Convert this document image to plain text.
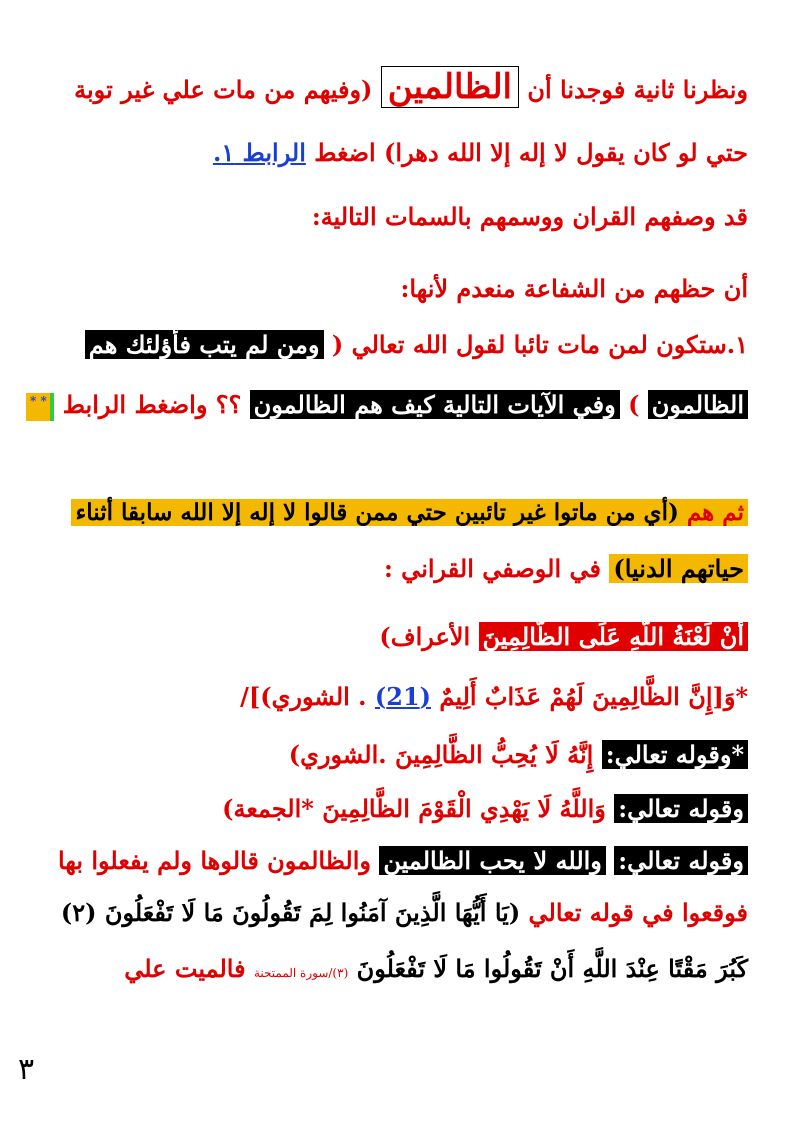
ونظرنا ثانية فوجدنا أن الظالمين (وفيهم من مات علي غير توبة
حتي لو كان يقول لا إله إلا الله دهرا) اضغط الرابط ١.
قد وصفهم القران ووسمهم بالسمات التالية:
أن حظهم من الشفاعة منعدم لأنها:
١.ستكون لمن مات تائبا لقول الله تعالي ( ومن لم يتب فأؤلئك هم
الظالمون ) وفي الآيات التالية كيف هم الظالمون ؟؟ واضغط الرابط * *
ثم هم(أي من ماتوا غير تائبين حتي ممن قالوا لا إله إلا الله سابقا أثناء
حياتهم الدنيا) في الوصفي القراني :
أَنْ لَعْنَةُ اللَّهِ عَلَى الظَّالِمِينَ الأعراف)
*وَ[إِنَّ الظَّالِمِينَ لَهُمْ عَذَابٌ أَلِيمٌ (21) . الشوري)]/
*وقوله تعالي: إِنَّهُ لَا يُحِبُّ الظَّالِمِينَ .الشوري)
وقوله تعالي: وَاللَّهُ لَا يَهْدِي الْقَوْمَ الظَّالِمِينَ *الجمعة)
وقوله تعالي: والله لا يحب الظالمين والظالمون قالوها ولم يفعلوا بها
فوقعوا في قوله تعالي (يَا أَيُّهَا الَّذِينَ آمَنُوا لِمَ تَقُولُونَ مَا لَا تَفْعَلُونَ (٢)
كَبُرَ مَقْتًا عِنْدَ اللَّهِ أَنْ تَقُولُوا مَا لَا تَفْعَلُونَ (٣)/سورة الممتحنة فالميت علي
٣
